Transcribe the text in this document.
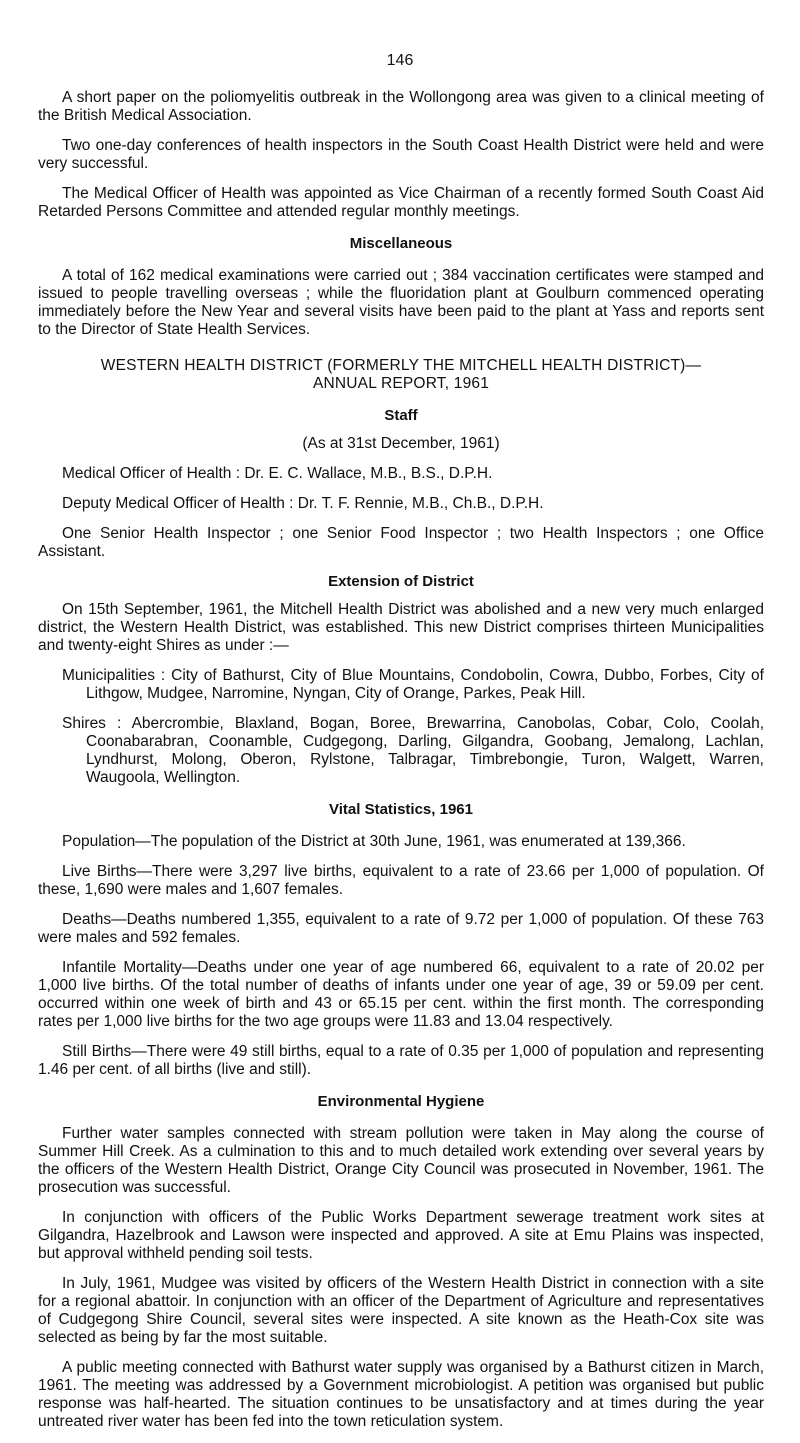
146

A short paper on the poliomyelitis outbreak in the Wollongong area was given to a clinical meeting of the British Medical Association.

Two one-day conferences of health inspectors in the South Coast Health District were held and were very successful.

The Medical Officer of Health was appointed as Vice Chairman of a recently formed South Coast Aid Retarded Persons Committee and attended regular monthly meetings.

Miscellaneous

A total of 162 medical examinations were carried out ; 384 vaccination certificates were stamped and issued to people travelling overseas ; while the fluoridation plant at Goulburn commenced operating immediately before the New Year and several visits have been paid to the plant at Yass and reports sent to the Director of State Health Services.

WESTERN HEALTH DISTRICT (FORMERLY THE MITCHELL HEALTH DISTRICT)—
ANNUAL REPORT, 1961
Staff
(As at 31st December, 1961)
Medical Officer of Health : Dr. E. C. Wallace, M.B., B.S., D.P.H.
Deputy Medical Officer of Health : Dr. T. F. Rennie, M.B., Ch.B., D.P.H.

One Senior Health Inspector ; one Senior Food Inspector ; two Health Inspectors ; one Office Assistant.

Extension of District

On 15th September, 1961, the Mitchell Health District was abolished and a new very much enlarged district, the Western Health District, was established. This new District comprises thirteen Municipalities and twenty-eight Shires as under :—

Municipalities : City of Bathurst, City of Blue Mountains, Condobolin, Cowra, Dubbo, Forbes, City of Lithgow, Mudgee, Narromine, Nyngan, City of Orange, Parkes, Peak Hill.
Shires : Abercrombie, Blaxland, Bogan, Boree, Brewarrina, Canobolas, Cobar, Colo, Coolah, Coonabarabran, Coonamble, Cudgegong, Darling, Gilgandra, Goobang, Jemalong, Lachlan, Lyndhurst, Molong, Oberon, Rylstone, Talbragar, Timbrebongie, Turon, Walgett, Warren, Waugoola, Wellington.
Vital Statistics, 1961

Population—The population of the District at 30th June, 1961, was enumerated at 139,366.

Live Births—There were 3,297 live births, equivalent to a rate of 23.66 per 1,000 of population. Of these, 1,690 were males and 1,607 females.

Deaths—Deaths numbered 1,355, equivalent to a rate of 9.72 per 1,000 of population. Of these 763 were males and 592 females.

Infantile Mortality—Deaths under one year of age numbered 66, equivalent to a rate of 20.02 per 1,000 live births. Of the total number of deaths of infants under one year of age, 39 or 59.09 per cent. occurred within one week of birth and 43 or 65.15 per cent. within the first month. The corresponding rates per 1,000 live births for the two age groups were 11.83 and 13.04 respectively.

Still Births—There were 49 still births, equal to a rate of 0.35 per 1,000 of population and representing 1.46 per cent. of all births (live and still).

Environmental Hygiene

Further water samples connected with stream pollution were taken in May along the course of Summer Hill Creek. As a culmination to this and to much detailed work extending over several years by the officers of the Western Health District, Orange City Council was prosecuted in November, 1961. The prosecution was successful.

In conjunction with officers of the Public Works Department sewerage treatment work sites at Gilgandra, Hazelbrook and Lawson were inspected and approved. A site at Emu Plains was inspected, but approval withheld pending soil tests.

In July, 1961, Mudgee was visited by officers of the Western Health District in connection with a site for a regional abattoir. In conjunction with an officer of the Department of Agriculture and representatives of Cudgegong Shire Council, several sites were inspected. A site known as the Heath-Cox site was selected as being by far the most suitable.

A public meeting connected with Bathurst water supply was organised by a Bathurst citizen in March, 1961. The meeting was addressed by a Government microbiologist. A petition was organised but public response was half-hearted. The situation continues to be unsatisfactory and at times during the year untreated river water has been fed into the town reticulation system.
